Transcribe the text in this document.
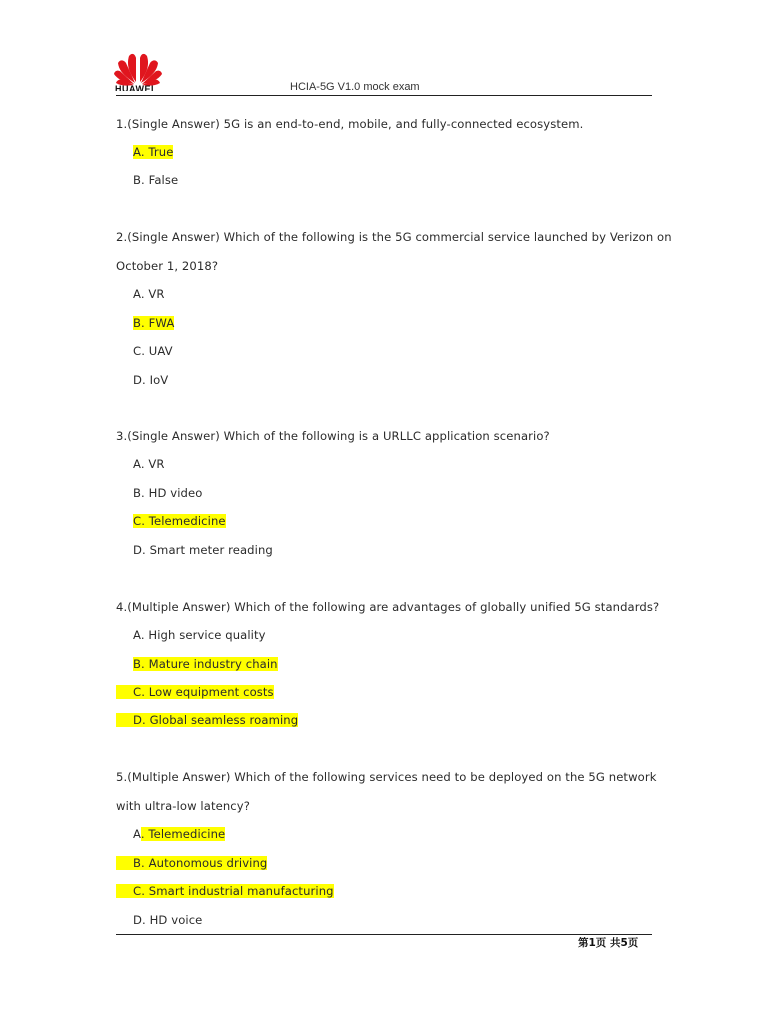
HUAWEI	HCIA-5G V1.0 mock exam
1.(Single Answer) 5G is an end-to-end, mobile, and fully-connected ecosystem.
A. True
B. False
2.(Single Answer) Which of the following is the 5G commercial service launched by Verizon on
October 1, 2018?
A. VR
B. FWA
C. UAV
D. IoV
3.(Single Answer) Which of the following is a URLLC application scenario?
A. VR
B. HD video
C. Telemedicine
D. Smart meter reading
4.(Multiple Answer) Which of the following are advantages of globally unified 5G standards?
A. High service quality
B. Mature industry chain
C. Low equipment costs
D. Global seamless roaming
5.(Multiple Answer) Which of the following services need to be deployed on the 5G network
with ultra-low latency?
A. Telemedicine
B. Autonomous driving
C. Smart industrial manufacturing
D. HD voice
第1页 共5页
